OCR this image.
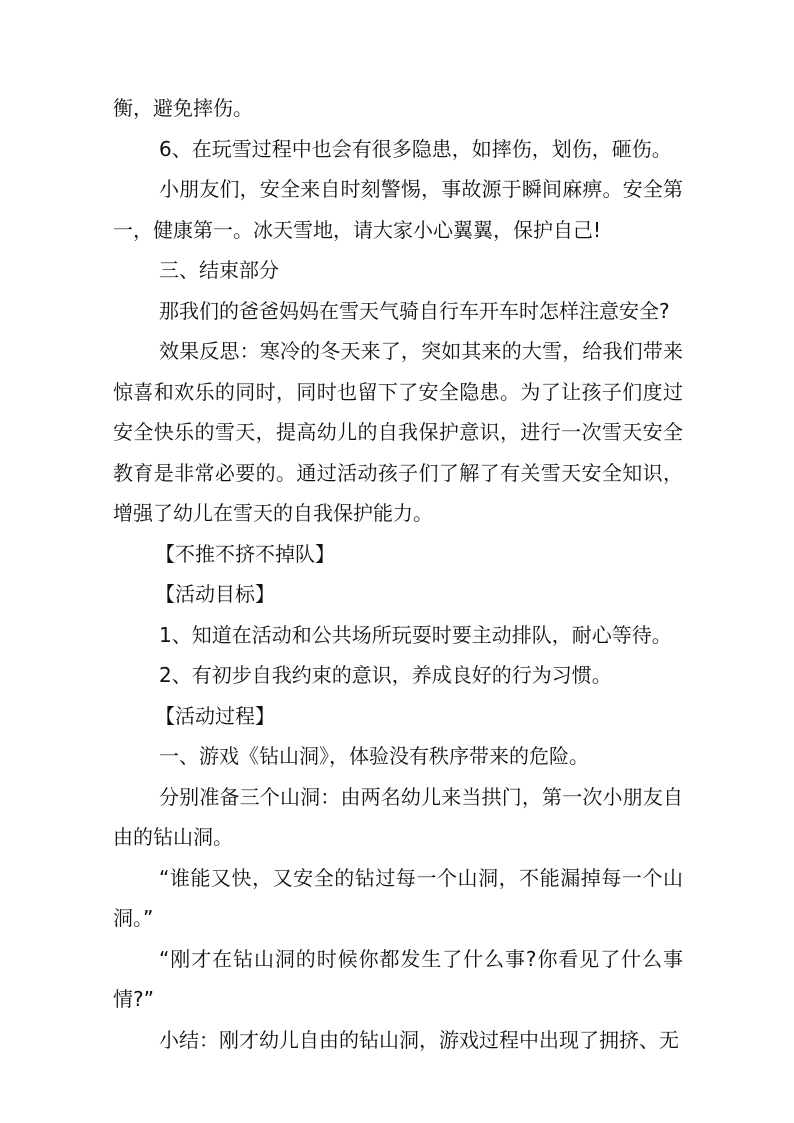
衡，避免摔伤。

6、在玩雪过程中也会有很多隐患，如摔伤，划伤，砸伤。

小朋友们，安全来自时刻警惕，事故源于瞬间麻痹。安全第一，健康第一。冰天雪地，请大家小心翼翼，保护自己!

三、结束部分

那我们的爸爸妈妈在雪天气骑自行车开车时怎样注意安全?

效果反思：寒冷的冬天来了，突如其来的大雪，给我们带来惊喜和欢乐的同时，同时也留下了安全隐患。为了让孩子们度过安全快乐的雪天，提高幼儿的自我保护意识，进行一次雪天安全教育是非常必要的。通过活动孩子们了解了有关雪天安全知识，增强了幼儿在雪天的自我保护能力。

【不推不挤不掉队】

【活动目标】

1、知道在活动和公共场所玩耍时要主动排队，耐心等待。

2、有初步自我约束的意识，养成良好的行为习惯。

【活动过程】

一、游戏《钻山洞》，体验没有秩序带来的危险。

分别准备三个山洞：由两名幼儿来当拱门，第一次小朋友自由的钻山洞。

“谁能又快，又安全的钻过每一个山洞，不能漏掉每一个山洞。”

“刚才在钻山洞的时候你都发生了什么事?你看见了什么事情?”

小结：刚才幼儿自由的钻山洞，游戏过程中出现了拥挤、无
